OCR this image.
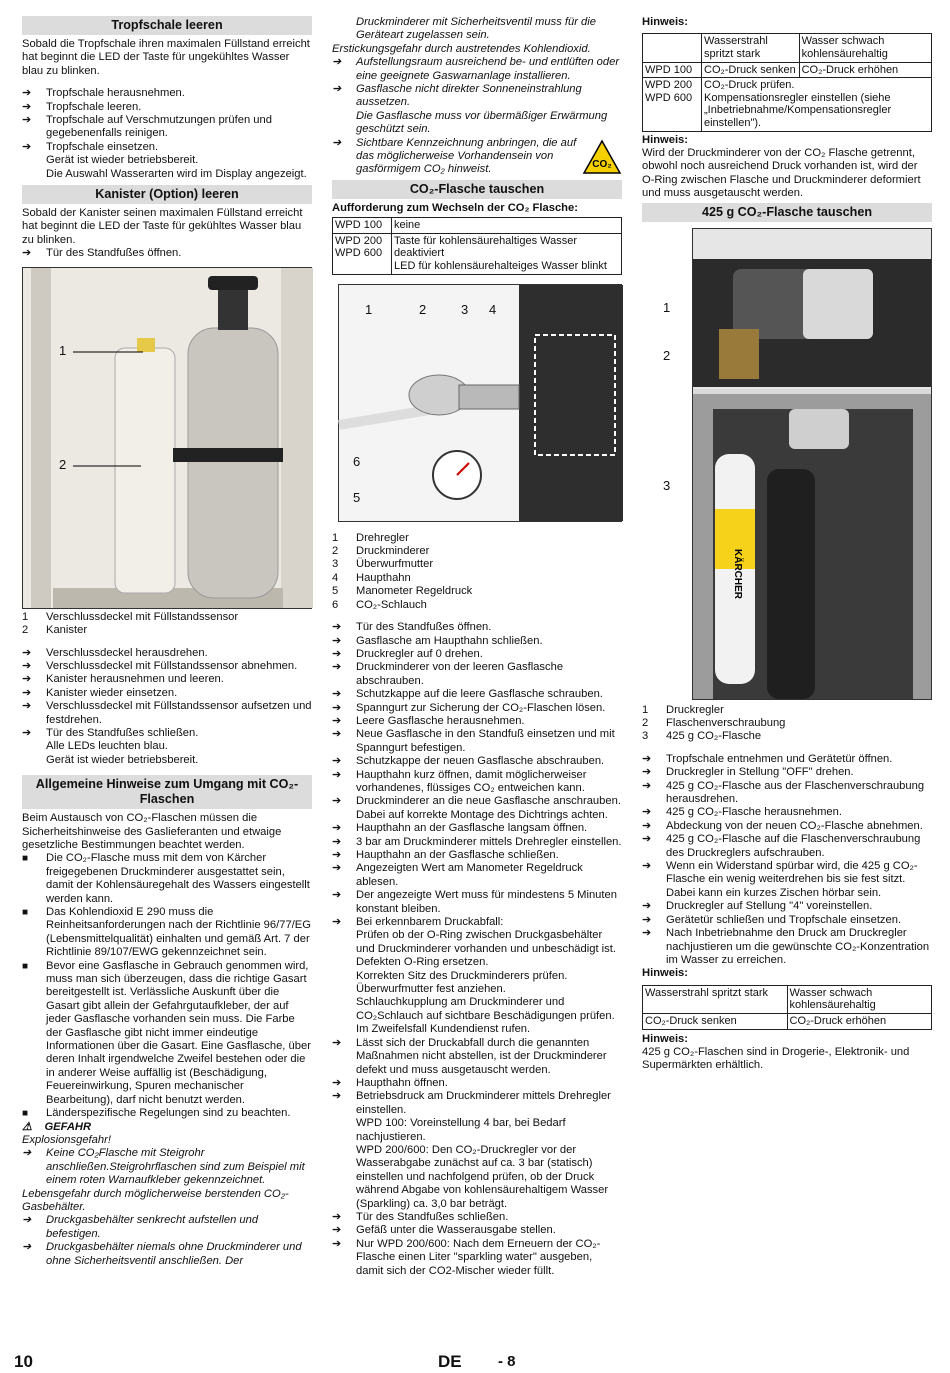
Tropfschale leeren

Sobald die Tropfschale ihren maximalen Füllstand erreicht hat beginnt die LED der Taste für ungekühltes Wasser blau zu blinken.

➔ Tropfschale herausnehmen.

➔ Tropfschale leeren.

➔ Tropfschale auf Verschmutzungen prüfen und gegebenenfalls reinigen.

➔ Tropfschale einsetzen.

Gerät ist wieder betriebsbereit.

Die Auswahl Wasserarten wird im Display angezeigt.

Kanister (Option) leeren

Sobald der Kanister seinen maximalen Füllstand erreicht hat beginnt die LED der Taste für gekühltes Wasser blau zu blinken.

➔ Tür des Standfußes öffnen.

1
2
1	Verschlussdeckel mit Füllstandssensor
2	Kanister

➔ Verschlussdeckel herausdrehen.

➔ Verschlussdeckel mit Füllstandssensor abnehmen.

➔ Kanister herausnehmen und leeren.

➔ Kanister wieder einsetzen.

➔ Verschlussdeckel mit Füllstandssensor aufsetzen und festdrehen.

➔ Tür des Standfußes schließen.

Alle LEDs leuchten blau.

Gerät ist wieder betriebsbereit.

Allgemeine Hinweise zum Umgang mit CO₂-Flaschen

Beim Austausch von CO₂-Flaschen müssen die Sicherheitshinweise des Gaslieferanten und etwaige gesetzliche Bestimmungen beachtet werden.

■ Die CO₂-Flasche muss mit dem von Kärcher freigegebenen Druckminderer ausgestattet sein, damit der Kohlensäuregehalt des Wassers eingestellt werden kann.

■ Das Kohlendioxid E 290 muss die Reinheitsanforderungen nach der Richtlinie 96/77/EG (Lebensmittelqualität) einhalten und gemäß Art. 7 der Richtlinie 89/107/EWG gekennzeichnet sein.

■ Bevor eine Gasflasche in Gebrauch genommen wird, muss man sich überzeugen, dass die richtige Gasart bereitgestellt ist. Verlässliche Auskunft über die Gasart gibt allein der Gefahrgutaufkleber, der auf jeder Gasflasche vorhanden sein muss. Die Farbe der Gasflasche gibt nicht immer eindeutige Informationen über die Gasart. Eine Gasflasche, über deren Inhalt irgendwelche Zweifel bestehen oder die in anderer Weise auffällig ist (Beschädigung, Feuereinwirkung, Spuren mechanischer Bearbeitung), darf nicht benutzt werden.

■ Länderspezifische Regelungen sind zu beachten.

⚠ GEFAHR

Explosionsgefahr!

➔ Keine CO₂Flasche mit Steigrohr anschließen.Steigrohrflaschen sind zum Beispiel mit einem roten Warnaufkleber gekennzeichnet.

Lebensgefahr durch möglicherweise berstenden CO₂-Gasbehälter.

➔ Druckgasbehälter senkrecht aufstellen und befestigen.

➔ Druckgasbehälter niemals ohne Druckminderer und ohne Sicherheitsventil anschließen. Der

Druckminderer mit Sicherheitsventil muss für die Geräteart zugelassen sein.

Erstickungsgefahr durch austretendes Kohlendioxid.

➔ Aufstellungsraum ausreichend be- und entlüften oder eine geeignete Gaswarnanlage installieren.

➔ Gasflasche nicht direkter Sonneneinstrahlung aussetzen.

Die Gasflasche muss vor übermäßiger Erwärmung geschützt sein.

➔ Sichtbare Kennzeichnung anbringen, die auf das möglicherweise Vorhandensein von gasförmigem CO₂ hinweist.	CO₂
CO₂-Flasche tauschen

Aufforderung zum Wechseln der CO₂ Flasche:

WPD 100	keine
WPD 200
WPD 600	Taste für kohlensäurehaltiges Wasser deaktiviert
LED für kohlensäurehalteiges Wasser blinkt
1	2	3 4
6
5
1	Drehregler
2	Druckminderer
3	Überwurfmutter
4	Haupthahn
5	Manometer Regeldruck
6	CO₂-Schlauch

➔ Tür des Standfußes öffnen.

➔ Gasflasche am Haupthahn schließen.

➔ Druckregler auf 0 drehen.

➔ Druckminderer von der leeren Gasflasche abschrauben.

➔ Schutzkappe auf die leere Gasflasche schrauben.

➔ Spanngurt zur Sicherung der CO₂-Flaschen lösen.

➔ Leere Gasflasche herausnehmen.

➔ Neue Gasflasche in den Standfuß einsetzen und mit Spanngurt befestigen.

➔ Schutzkappe der neuen Gasflasche abschrauben.

➔ Haupthahn kurz öffnen, damit möglicherweiser vorhandenes, flüssiges CO₂ entweichen kann.

➔ Druckminderer an die neue Gasflasche anschrauben. Dabei auf korrekte Montage des Dichtrings achten.

➔ Haupthahn an der Gasflasche langsam öffnen.

➔ 3 bar am Druckminderer mittels Drehregler einstellen.

➔ Haupthahn an der Gasflasche schließen.

➔ Angezeigten Wert am Manometer Regeldruck ablesen.

➔ Der angezeigte Wert muss für mindestens 5 Minuten konstant bleiben.

➔ Bei erkennbarem Druckabfall:

Prüfen ob der O-Ring zwischen Druckgasbehälter und Druckminderer vorhanden und unbeschädigt ist. Defekten O-Ring ersetzen.

Korrekten Sitz des Druckminderers prüfen. Überwurfmutter fest anziehen.

Schlauchkupplung am Druckminderer und CO₂Schlauch auf sichtbare Beschädigungen prüfen. Im Zweifelsfall Kundendienst rufen.

➔ Lässt sich der Druckabfall durch die genannten Maßnahmen nicht abstellen, ist der Druckminderer defekt und muss ausgetauscht werden.

➔ Haupthahn öffnen.

➔ Betriebsdruck am Druckminderer mittels Drehregler einstellen.

WPD 100: Voreinstellung 4 bar, bei Bedarf nachjustieren.

WPD 200/600: Den CO₂-Druckregler vor der Wasserabgabe zunächst auf ca. 3 bar (statisch) einstellen und nachfolgend prüfen, ob der Druck während Abgabe von kohlensäurehaltigem Wasser (Sparkling) ca. 3,0 bar beträgt.

➔ Tür des Standfußes schließen.

➔ Gefäß unter die Wasserausgabe stellen.

➔ Nur WPD 200/600: Nach dem Erneuern der CO₂-Flasche einen Liter "sparkling water" ausgeben, damit sich der CO2-Mischer wieder füllt.

Hinweis:

	Wasserstrahl spritzt stark	Wasser schwach kohlensäurehaltig
WPD 100	CO₂-Druck senken	CO₂-Druck erhöhen
WPD 200
WPD 600	CO₂-Druck prüfen.
Kompensationsregler einstellen (siehe „Inbetriebnahme/Kompensationsregler einstellen").	

Hinweis:

Wird der Druckminderer von der CO₂ Flasche getrennt, obwohl noch ausreichend Druck vorhanden ist, wird der O-Ring zwischen Flasche und Druckminderer deformiert und muss ausgetauscht werden.

425 g CO₂-Flasche tauschen
KÄRCHER
1
2
3
1	Druckregler
2	Flaschenverschraubung
3	425 g CO₂-Flasche

➔ Tropfschale entnehmen und Gerätetür öffnen.

➔ Druckregler in Stellung "OFF" drehen.

➔ 425 g CO₂-Flasche aus der Flaschenverschraubung herausdrehen.

➔ 425 g CO₂-Flasche herausnehmen.

➔ Abdeckung von der neuen CO₂-Flasche abnehmen.

➔ 425 g CO₂-Flasche auf die Flaschenverschraubung des Druckreglers aufschrauben.

➔ Wenn ein Widerstand spürbar wird, die 425 g CO₂-Flasche ein wenig weiterdrehen bis sie fest sitzt. Dabei kann ein kurzes Zischen hörbar sein.

➔ Druckregler auf Stellung "4" voreinstellen.

➔ Gerätetür schließen und Tropfschale einsetzen.

➔ Nach Inbetriebnahme den Druck am Druckregler nachjustieren um die gewünschte CO₂-Konzentration im Wasser zu erreichen.

Hinweis:

Wasserstrahl spritzt stark	Wasser schwach kohlensäurehaltig
CO₂-Druck senken	CO₂-Druck erhöhen

Hinweis:

425 g CO₂-Flaschen sind in Drogerie-, Elektronik- und Supermärkten erhältlich.

10	DE - 8
